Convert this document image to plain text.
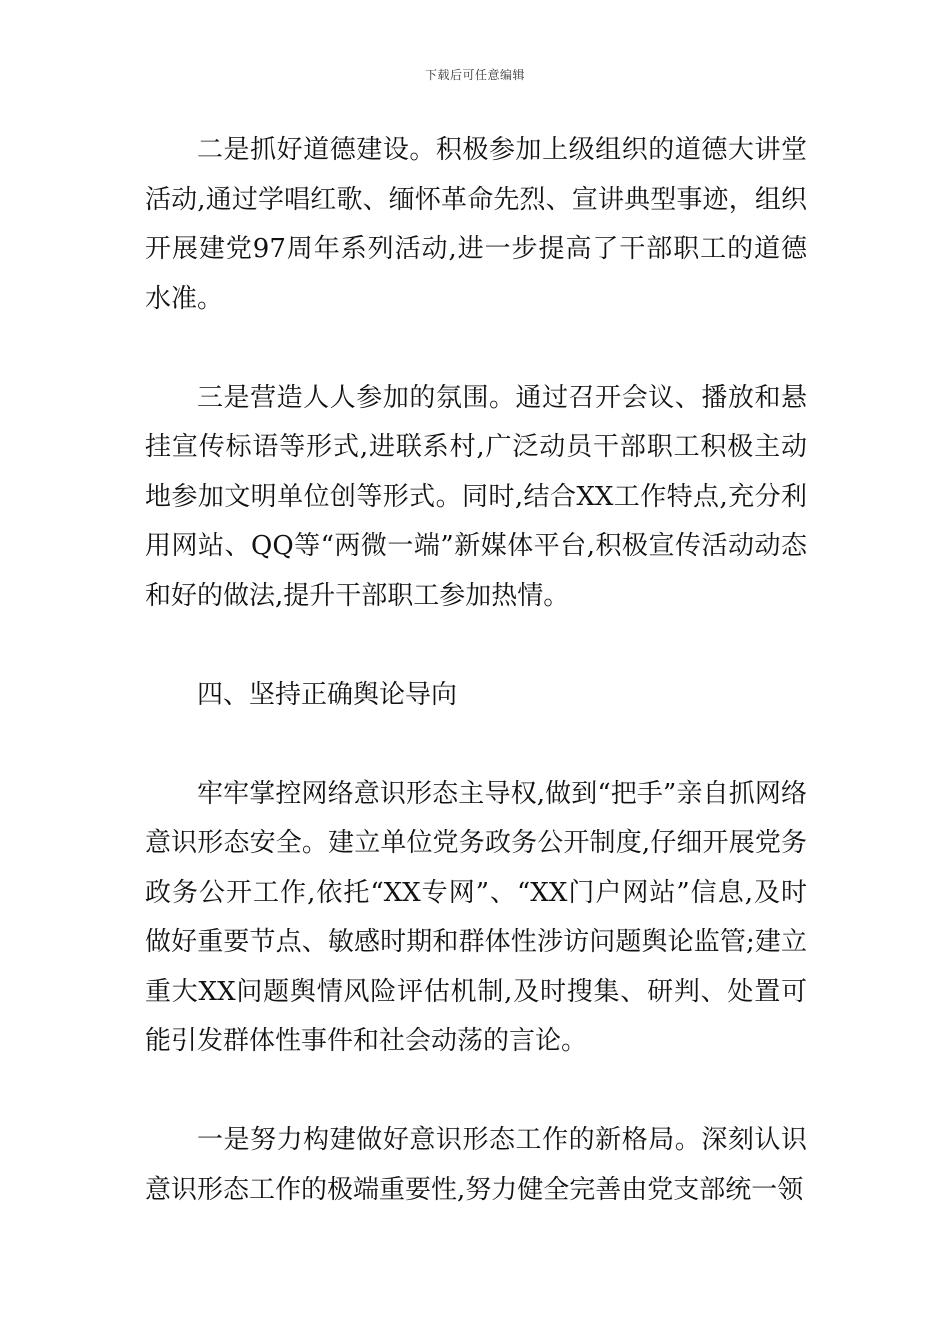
下载后可任意编辑

二是抓好道德建设。积极参加上级组织的道德大讲堂活动,通过学唱红歌、缅怀革命先烈、宣讲典型事迹，组织开展建党97周年系列活动,进一步提高了干部职工的道德水准。

三是营造人人参加的氛围。通过召开会议、播放和悬挂宣传标语等形式,进联系村,广泛动员干部职工积极主动地参加文明单位创等形式。同时,结合XX工作特点,充分利用网站、QQ等“两微一端”新媒体平台,积极宣传活动动态和好的做法,提升干部职工参加热情。

四、坚持正确舆论导向

牢牢掌控网络意识形态主导权,做到“把手”亲自抓网络意识形态安全。建立单位党务政务公开制度,仔细开展党务政务公开工作,依托“XX专网”、“XX门户网站”信息,及时做好重要节点、敏感时期和群体性涉访问题舆论监管;建立重大XX问题舆情风险评估机制,及时搜集、研判、处置可能引发群体性事件和社会动荡的言论。

一是努力构建做好意识形态工作的新格局。深刻认识意识形态工作的极端重要性,努力健全完善由党支部统一领
